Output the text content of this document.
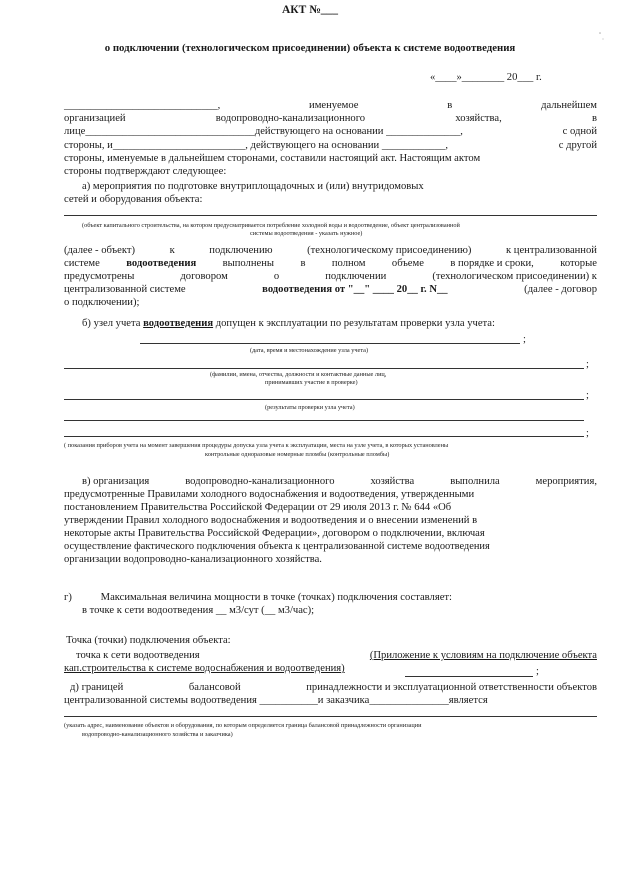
АКТ №___
о подключении (технологическом присоединении) объекта к системе водоотведения
«____»________ 20___ г.
_____________________________,	именуемое	в	дальнейшем
организацией	водопроводно-канализационного	хозяйства,	в
лице________________________________действующего на основании ______________,	с одной
стороны, и_________________________, действующего на основании ____________,	с другой
стороны, именуемые в дальнейшем сторонами, составили настоящий акт. Настоящим актом
стороны подтверждают следующее:
а) мероприятия по подготовке внутриплощадочных и (или) внутридомовых
сетей и оборудования объекта:
(объект капитального строительства, на котором предусматривается потребление холодной воды и водоотведение, объект централизованной
системы водоотведения - указать нужное)
(далее - объект)	к	подключению	(технологическому присоединению)	к централизованной
системе водоотведения выполнены в полном объеме в порядке и сроки, которые
предусмотрены	договором	о	подключении	(технологическом присоединении) к
централизованной системе	водоотведения от "__" ____ 20__ г. N__	(далее - договор
о подключении);
б) узел учета водоотведения допущен к эксплуатации по результатам проверки узла учета:
;
(дата, время и местонахождение узла учета)
;
(фамилии, имена, отчества, должности и контактные данные лиц,
принимавших участие в проверке)
;
(результаты проверки узла учета)
;
( показания приборов учета на момент завершения процедуры допуска узла учета к эксплуатации, места на узле учета, в которых установлены
контрольные одноразовые номерные пломбы (контрольные пломбы)
в) организация	водопроводно-канализационного	хозяйства	выполнила	мероприятия,
предусмотренные Правилами холодного водоснабжения и водоотведения, утвержденными
постановлением Правительства Российской Федерации от 29 июля 2013 г. № 644 «Об
утверждении Правил холодного водоснабжения и водоотведения и о внесении изменений в
некоторые акты Правительства Российской Федерации», договором о подключении, включая
осуществление фактического подключения объекта к централизованной системе водоотведения
организации водопроводно-канализационного хозяйства.
г)	Максимальная величина мощности в точке (точках) подключения составляет:
в точке к сети водоотведения __ м3/сут (__ м3/час);
Точка (точки) подключения объекта:
точка к сети водоотведения	(Приложение к условиям на подключение объекта
кап.строительства к системе водоснабжения и водоотведения)	;
д) границей	балансовой	принадлежности и эксплуатационной ответственности объектов
централизованной системы водоотведения ___________и заказчика_______________является
(указать адрес, наименование объектов и оборудования, по которым определяется граница балансовой принадлежности организации
водопроводно-канализационного хозяйства и заказчика)
